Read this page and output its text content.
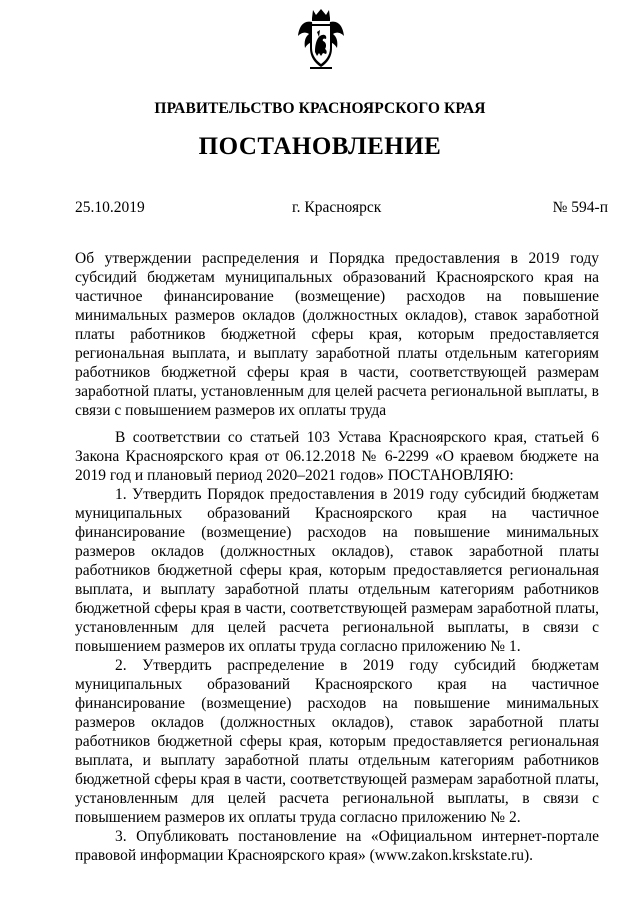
ПРАВИТЕЛЬСТВО КРАСНОЯРСКОГО КРАЯ
ПОСТАНОВЛЕНИЕ
25.10.2019	г. Красноярск	№ 594-п
Об утверждении распределения и Порядка предоставления в 2019 году субсидий бюджетам муниципальных образований Красноярского края на частичное финансирование (возмещение) расходов на повышение минимальных размеров окладов (должностных окладов), ставок заработной платы работников бюджетной сферы края, которым предоставляется региональная выплата, и выплату заработной платы отдельным категориям работников бюджетной сферы края в части, соответствующей размерам заработной платы, установленным для целей расчета региональной выплаты, в связи с повышением размеров их оплаты труда

В соответствии со статьей 103 Устава Красноярского края, статьей 6 Закона Красноярского края от 06.12.2018 № 6-2299 «О краевом бюджете на 2019 год и плановый период 2020–2021 годов» ПОСТАНОВЛЯЮ:

1. Утвердить Порядок предоставления в 2019 году субсидий бюджетам муниципальных образований Красноярского края на частичное финансирование (возмещение) расходов на повышение минимальных размеров окладов (должностных окладов), ставок заработной платы работников бюджетной сферы края, которым предоставляется региональная выплата, и выплату заработной платы отдельным категориям работников бюджетной сферы края в части, соответствующей размерам заработной платы, установленным для целей расчета региональной выплаты, в связи с повышением размеров их оплаты труда согласно приложению № 1.

2. Утвердить распределение в 2019 году субсидий бюджетам муниципальных образований Красноярского края на частичное финансирование (возмещение) расходов на повышение минимальных размеров окладов (должностных окладов), ставок заработной платы работников бюджетной сферы края, которым предоставляется региональная выплата, и выплату заработной платы отдельным категориям работников бюджетной сферы края в части, соответствующей размерам заработной платы, установленным для целей расчета региональной выплаты, в связи с повышением размеров их оплаты труда согласно приложению № 2.

3. Опубликовать постановление на «Официальном интернет-портале правовой информации Красноярского края» (www.zakon.krskstate.ru).
